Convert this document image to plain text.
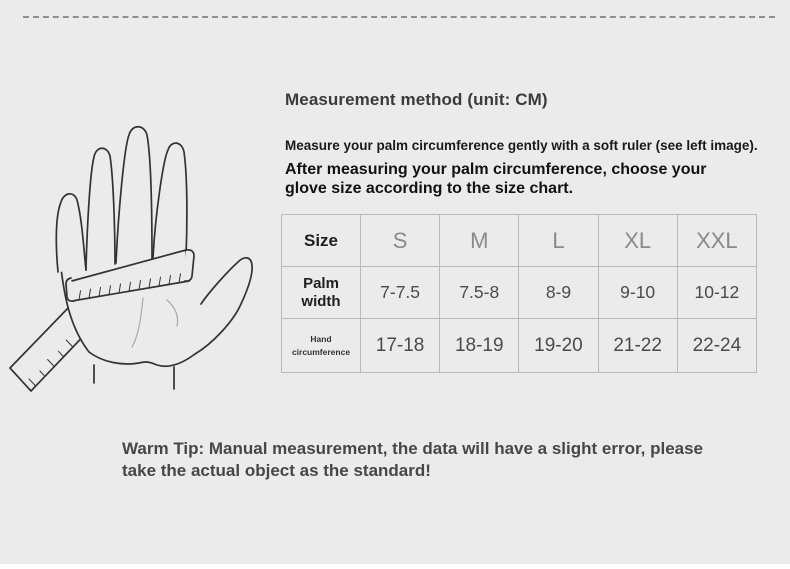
Measurement method (unit: CM)

Measure your palm circumference gently with a soft ruler (see left image).

After measuring your palm circumference, choose your
glove size according to the size chart.

Size	S	M	L	XL	XXL
Palm width	7-7.5	7.5-8	8-9	9-10	10-12
Hand circumference	17-18	18-19	19-20	21-22	22-24
Warm Tip: Manual measurement, the data will have a slight error, please
take the actual object as the standard!
